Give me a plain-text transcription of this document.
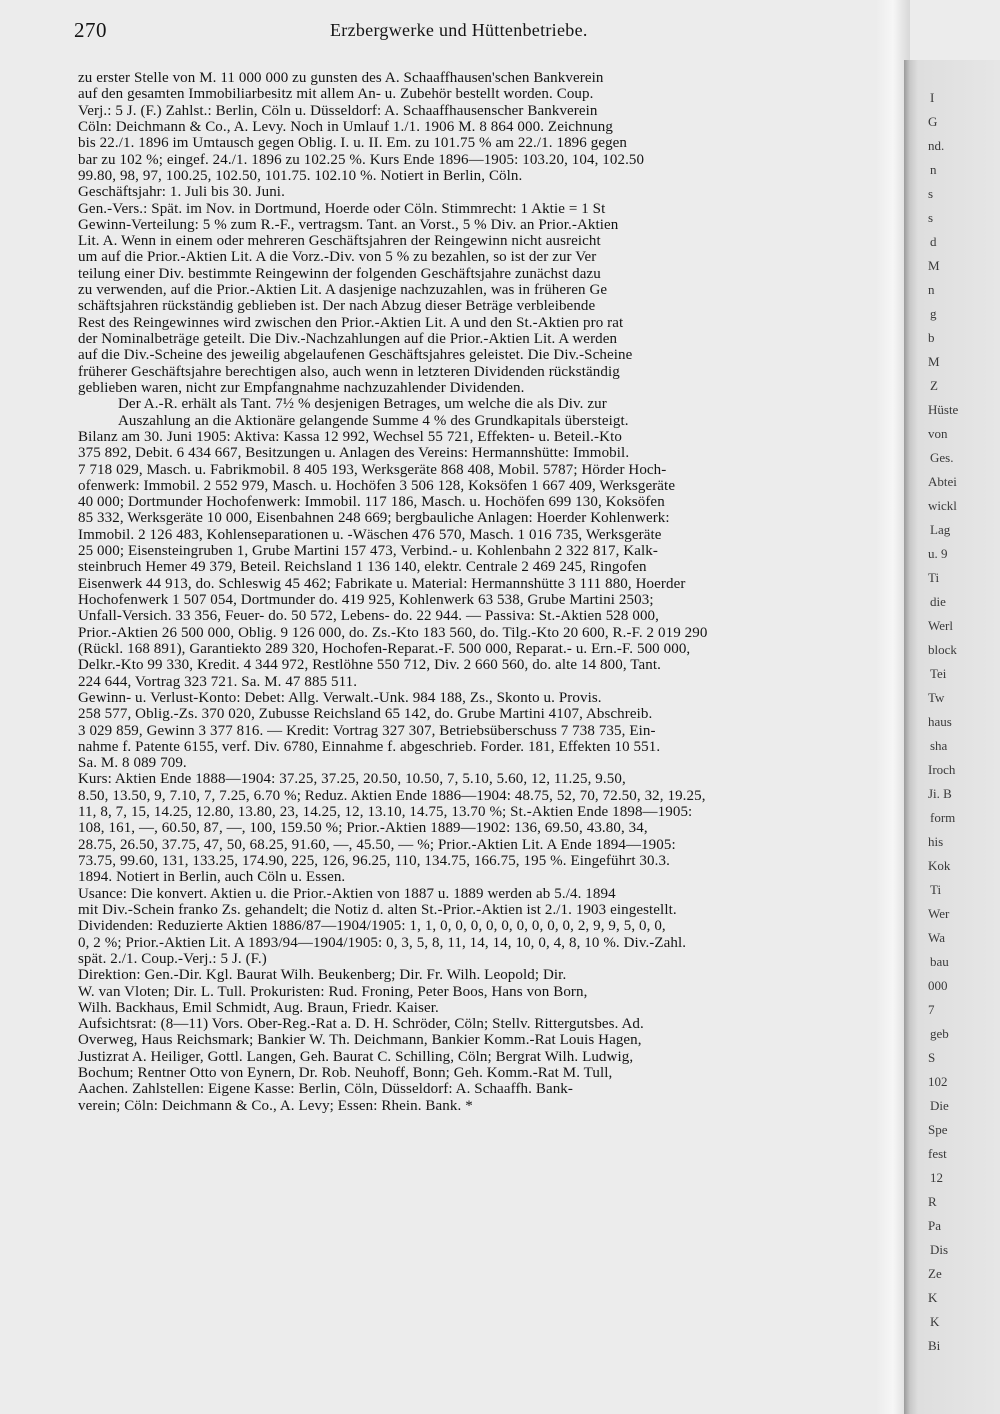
270	Erzbergwerke und Hüttenbetriebe.
zu erster Stelle von M. 11 000 000 zu gunsten des A. Schaaffhausen'schen Bankverein
auf den gesamten Immobiliarbesitz mit allem An- u. Zubehör bestellt worden. Coup.
Verj.: 5 J. (F.) Zahlst.: Berlin, Cöln u. Düsseldorf: A. Schaaffhausenscher Bankverein
Cöln: Deichmann & Co., A. Levy. Noch in Umlauf 1./1. 1906 M. 8 864 000. Zeichnung
bis 22./1. 1896 im Umtausch gegen Oblig. I. u. II. Em. zu 101.75 % am 22./1. 1896 gegen
bar zu 102 %; eingef. 24./1. 1896 zu 102.25 %. Kurs Ende 1896—1905: 103.20, 104, 102.50
99.80, 98, 97, 100.25, 102.50, 101.75. 102.10 %. Notiert in Berlin, Cöln.
Geschäftsjahr: 1. Juli bis 30. Juni.
Gen.-Vers.: Spät. im Nov. in Dortmund, Hoerde oder Cöln. Stimmrecht: 1 Aktie = 1 St
Gewinn-Verteilung: 5 % zum R.-F., vertragsm. Tant. an Vorst., 5 % Div. an Prior.-Aktien
Lit. A. Wenn in einem oder mehreren Geschäftsjahren der Reingewinn nicht ausreicht
um auf die Prior.-Aktien Lit. A die Vorz.-Div. von 5 % zu bezahlen, so ist der zur Ver
teilung einer Div. bestimmte Reingewinn der folgenden Geschäftsjahre zunächst dazu
zu verwenden, auf die Prior.-Aktien Lit. A dasjenige nachzuzahlen, was in früheren Ge
schäftsjahren rückständig geblieben ist. Der nach Abzug dieser Beträge verbleibende
Rest des Reingewinnes wird zwischen den Prior.-Aktien Lit. A und den St.-Aktien pro rat
der Nominalbeträge geteilt. Die Div.-Nachzahlungen auf die Prior.-Aktien Lit. A werden
auf die Div.-Scheine des jeweilig abgelaufenen Geschäftsjahres geleistet. Die Div.-Scheine
früherer Geschäftsjahre berechtigen also, auch wenn in letzteren Dividenden rückständig
geblieben waren, nicht zur Empfangnahme nachzuzahlender Dividenden.
Der A.-R. erhält als Tant. 7½ % desjenigen Betrages, um welche die als Div. zur
Auszahlung an die Aktionäre gelangende Summe 4 % des Grundkapitals übersteigt.
Bilanz am 30. Juni 1905: Aktiva: Kassa 12 992, Wechsel 55 721, Effekten- u. Beteil.-Kto
375 892, Debit. 6 434 667, Besitzungen u. Anlagen des Vereins: Hermannshütte: Immobil.
7 718 029, Masch. u. Fabrikmobil. 8 405 193, Werksgeräte 868 408, Mobil. 5787; Hörder Hoch-
ofenwerk: Immobil. 2 552 979, Masch. u. Hochöfen 3 506 128, Koksöfen 1 667 409, Werksgeräte
40 000; Dortmunder Hochofenwerk: Immobil. 117 186, Masch. u. Hochöfen 699 130, Koksöfen
85 332, Werksgeräte 10 000, Eisenbahnen 248 669; bergbauliche Anlagen: Hoerder Kohlenwerk:
Immobil. 2 126 483, Kohlenseparationen u. -Wäschen 476 570, Masch. 1 016 735, Werksgeräte
25 000; Eisensteingruben 1, Grube Martini 157 473, Verbind.- u. Kohlenbahn 2 322 817, Kalk-
steinbruch Hemer 49 379, Beteil. Reichsland 1 136 140, elektr. Centrale 2 469 245, Ringofen
Eisenwerk 44 913, do. Schleswig 45 462; Fabrikate u. Material: Hermannshütte 3 111 880, Hoerder
Hochofenwerk 1 507 054, Dortmunder do. 419 925, Kohlenwerk 63 538, Grube Martini 2503;
Unfall-Versich. 33 356, Feuer- do. 50 572, Lebens- do. 22 944. — Passiva: St.-Aktien 528 000,
Prior.-Aktien 26 500 000, Oblig. 9 126 000, do. Zs.-Kto 183 560, do. Tilg.-Kto 20 600, R.-F. 2 019 290
(Rückl. 168 891), Garantiekto 289 320, Hochofen-Reparat.-F. 500 000, Reparat.- u. Ern.-F. 500 000,
Delkr.-Kto 99 330, Kredit. 4 344 972, Restlöhne 550 712, Div. 2 660 560, do. alte 14 800, Tant.
224 644, Vortrag 323 721. Sa. M. 47 885 511.
Gewinn- u. Verlust-Konto: Debet: Allg. Verwalt.-Unk. 984 188, Zs., Skonto u. Provis.
258 577, Oblig.-Zs. 370 020, Zubusse Reichsland 65 142, do. Grube Martini 4107, Abschreib.
3 029 859, Gewinn 3 377 816. — Kredit: Vortrag 327 307, Betriebsüberschuss 7 738 735, Ein-
nahme f. Patente 6155, verf. Div. 6780, Einnahme f. abgeschrieb. Forder. 181, Effekten 10 551.
Sa. M. 8 089 709.
Kurs: Aktien Ende 1888—1904: 37.25, 37.25, 20.50, 10.50, 7, 5.10, 5.60, 12, 11.25, 9.50,
8.50, 13.50, 9, 7.10, 7, 7.25, 6.70 %; Reduz. Aktien Ende 1886—1904: 48.75, 52, 70, 72.50, 32, 19.25,
11, 8, 7, 15, 14.25, 12.80, 13.80, 23, 14.25, 12, 13.10, 14.75, 13.70 %; St.-Aktien Ende 1898—1905:
108, 161, —, 60.50, 87, —, 100, 159.50 %; Prior.-Aktien 1889—1902: 136, 69.50, 43.80, 34,
28.75, 26.50, 37.75, 47, 50, 68.25, 91.60, —, 45.50, — %; Prior.-Aktien Lit. A Ende 1894—1905:
73.75, 99.60, 131, 133.25, 174.90, 225, 126, 96.25, 110, 134.75, 166.75, 195 %. Eingeführt 30.3.
1894. Notiert in Berlin, auch Cöln u. Essen.
Usance: Die konvert. Aktien u. die Prior.-Aktien von 1887 u. 1889 werden ab 5./4. 1894
mit Div.-Schein franko Zs. gehandelt; die Notiz d. alten St.-Prior.-Aktien ist 2./1. 1903 eingestellt.
Dividenden: Reduzierte Aktien 1886/87—1904/1905: 1, 1, 0, 0, 0, 0, 0, 0, 0, 0, 0, 2, 9, 9, 5, 0, 0,
0, 2 %; Prior.-Aktien Lit. A 1893/94—1904/1905: 0, 3, 5, 8, 11, 14, 14, 10, 0, 4, 8, 10 %. Div.-Zahl.
spät. 2./1. Coup.-Verj.: 5 J. (F.)
Direktion: Gen.-Dir. Kgl. Baurat Wilh. Beukenberg; Dir. Fr. Wilh. Leopold; Dir.
W. van Vloten; Dir. L. Tull. Prokuristen: Rud. Froning, Peter Boos, Hans von Born,
Wilh. Backhaus, Emil Schmidt, Aug. Braun, Friedr. Kaiser.
Aufsichtsrat: (8—11) Vors. Ober-Reg.-Rat a. D. H. Schröder, Cöln; Stellv. Rittergutsbes. Ad.
Overweg, Haus Reichsmark; Bankier W. Th. Deichmann, Bankier Komm.-Rat Louis Hagen,
Justizrat A. Heiliger, Gottl. Langen, Geh. Baurat C. Schilling, Cöln; Bergrat Wilh. Ludwig,
Bochum; Rentner Otto von Eynern, Dr. Rob. Neuhoff, Bonn; Geh. Komm.-Rat M. Tull,
Aachen. Zahlstellen: Eigene Kasse: Berlin, Cöln, Düsseldorf: A. Schaaffh. Bank-
verein; Cöln: Deichmann & Co., A. Levy; Essen: Rhein. Bank. *
I
G
nd.
n
s
s
d
M
n
g
b
M
Z
Hüste
von
Ges.
Abtei
wickl
Lag
u. 9
Ti
die
Werl
block
Tei
Tw
haus
sha
Iroch
Ji. B
form
his
Kok
Ti
Wer
Wa
bau
000
7
geb
S
102
Die
Spe
fest
12
R
Pa
Dis
Ze
K
K
Bi
